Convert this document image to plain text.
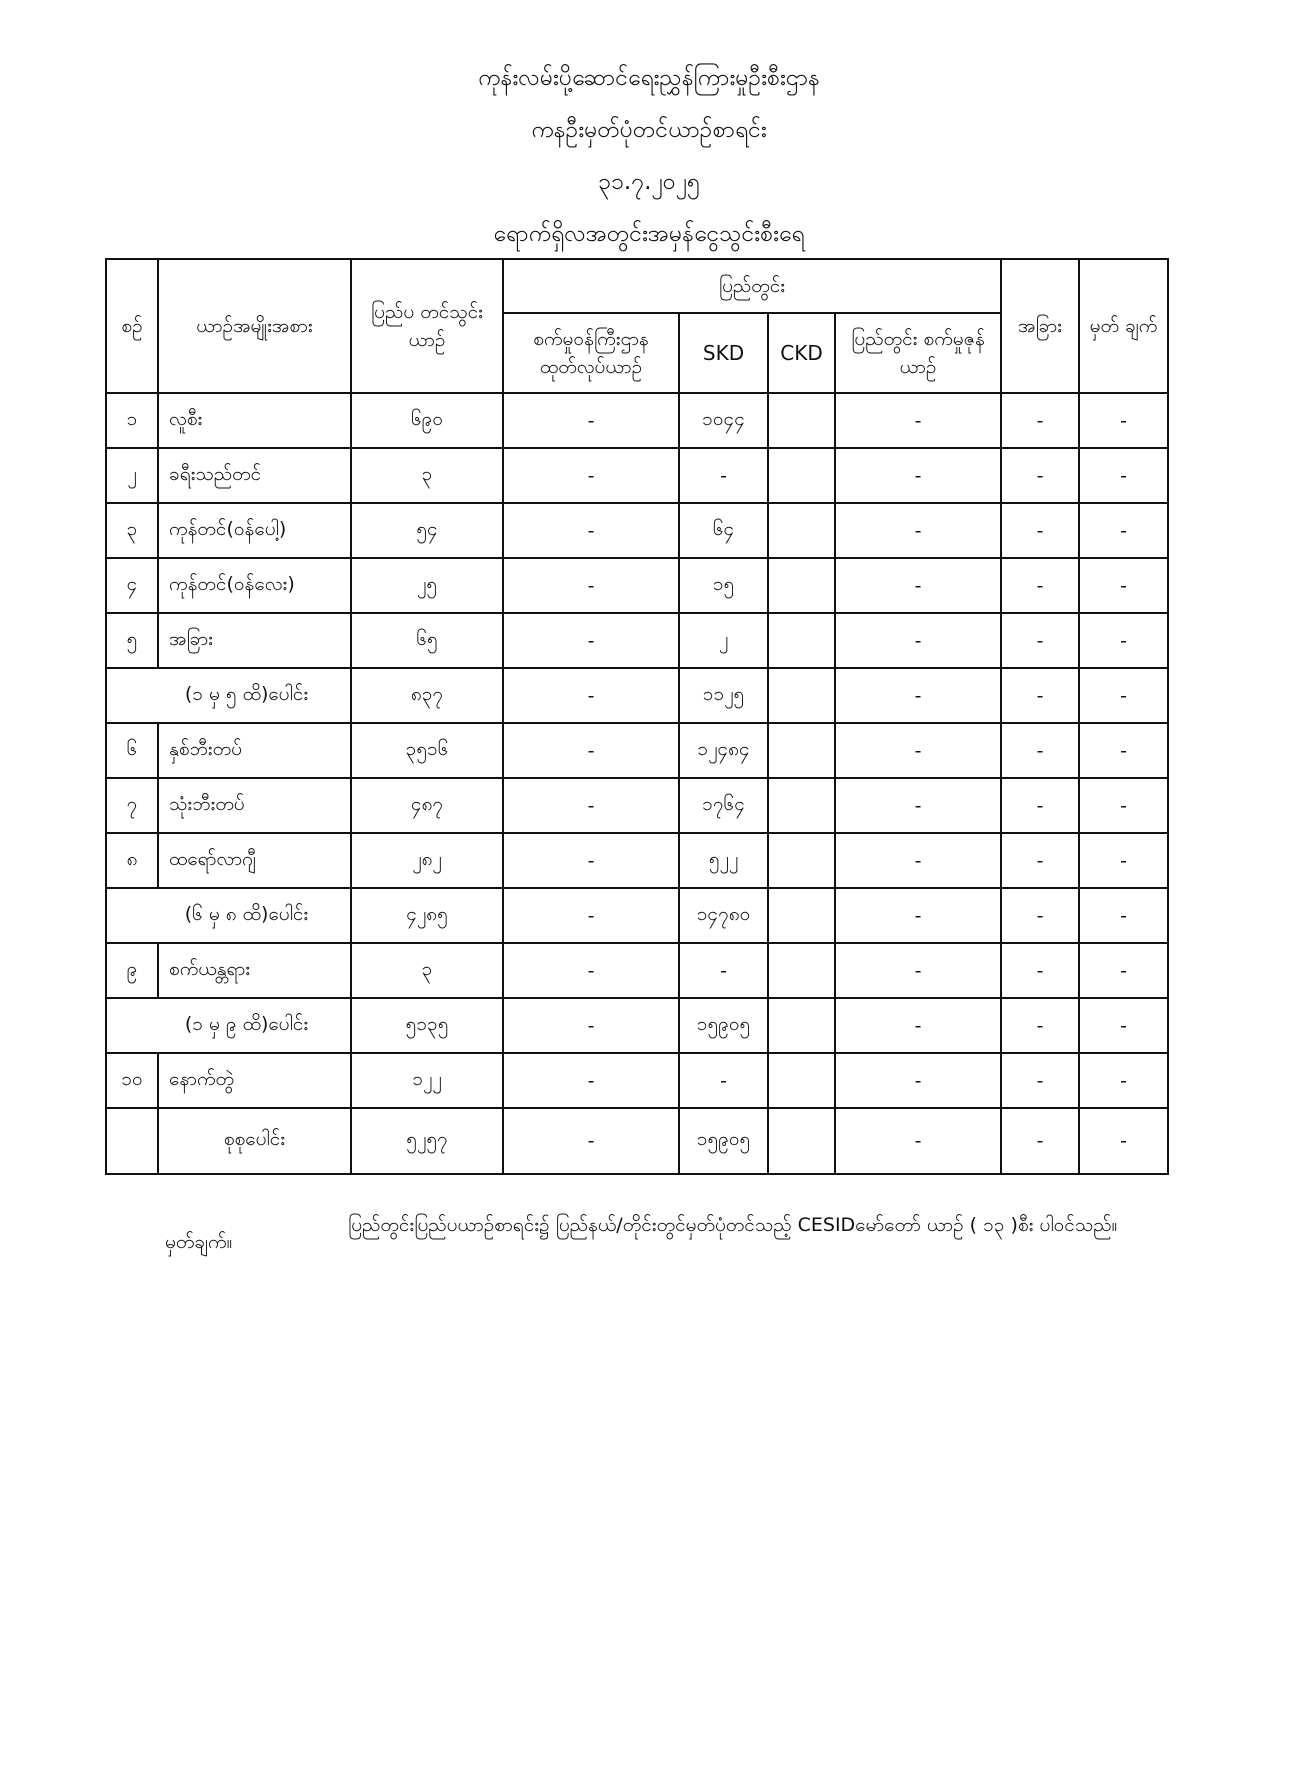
ကုန်းလမ်းပို့ဆောင်ရေးညွှန်ကြားမှုဦးစီးဌာန
ကနဦးမှတ်ပုံတင်ယာဉ်စာရင်း
၃၁.၇.၂၀၂၅
ရောက်ရှိလအတွင်းအမှန်ငွေသွင်းစီးရေ
စဉ်	ယာဉ်အမျိုးအစား	ပြည်ပ တင်သွင်းယာဉ်	ပြည်တွင်း				အခြား	မှတ် ချက်
			စက်မှုဝန်ကြီးဌာန ထုတ်လုပ်ယာဉ်	SKD	CKD	ပြည်တွင်း စက်မှုဇုန်ယာဉ်		
၁	လူစီး	၆၉၀	-	၁၀၄၄		-	-	-
၂	ခရီးသည်တင်	၃	-	-		-	-	-
၃	ကုန်တင်(ဝန်ပေါ့)	၅၄	-	၆၄		-	-	-
၄	ကုန်တင်(ဝန်လေး)	၂၅	-	၁၅		-	-	-
၅	အခြား	၆၅	-	၂		-	-	-
(၁ မှ ၅ ထိ)ပေါင်း		၈၃၇	-	၁၁၂၅		-	-	-
၆	နှစ်ဘီးတပ်	၃၅၁၆	-	၁၂၄၈၄		-	-	-
၇	သုံးဘီးတပ်	၄၈၇	-	၁၇၆၄		-	-	-
၈	ထရော်လာဂျီ	၂၈၂	-	၅၂၂		-	-	-
(၆ မှ ၈ ထိ)ပေါင်း		၄၂၈၅	-	၁၄၇၈၀		-	-	-
၉	စက်ယန္တရား	၃	-	-		-	-	-
(၁ မှ ၉ ထိ)ပေါင်း		၅၁၃၅	-	၁၅၉၀၅		-	-	-
၁၀	နောက်တွဲ	၁၂၂	-	-		-	-	-
	စုစုပေါင်း	၅၂၅၇	-	၁၅၉၀၅		-	-	-
မှတ်ချက်။
ပြည်တွင်းပြည်ပယာဉ်စာရင်း၌ ပြည်နယ်/တိုင်းတွင်မှတ်ပုံတင်သည့် CESIDမော်တော် ယာဉ် ( ၁၃ )စီး ပါဝင်သည်။
